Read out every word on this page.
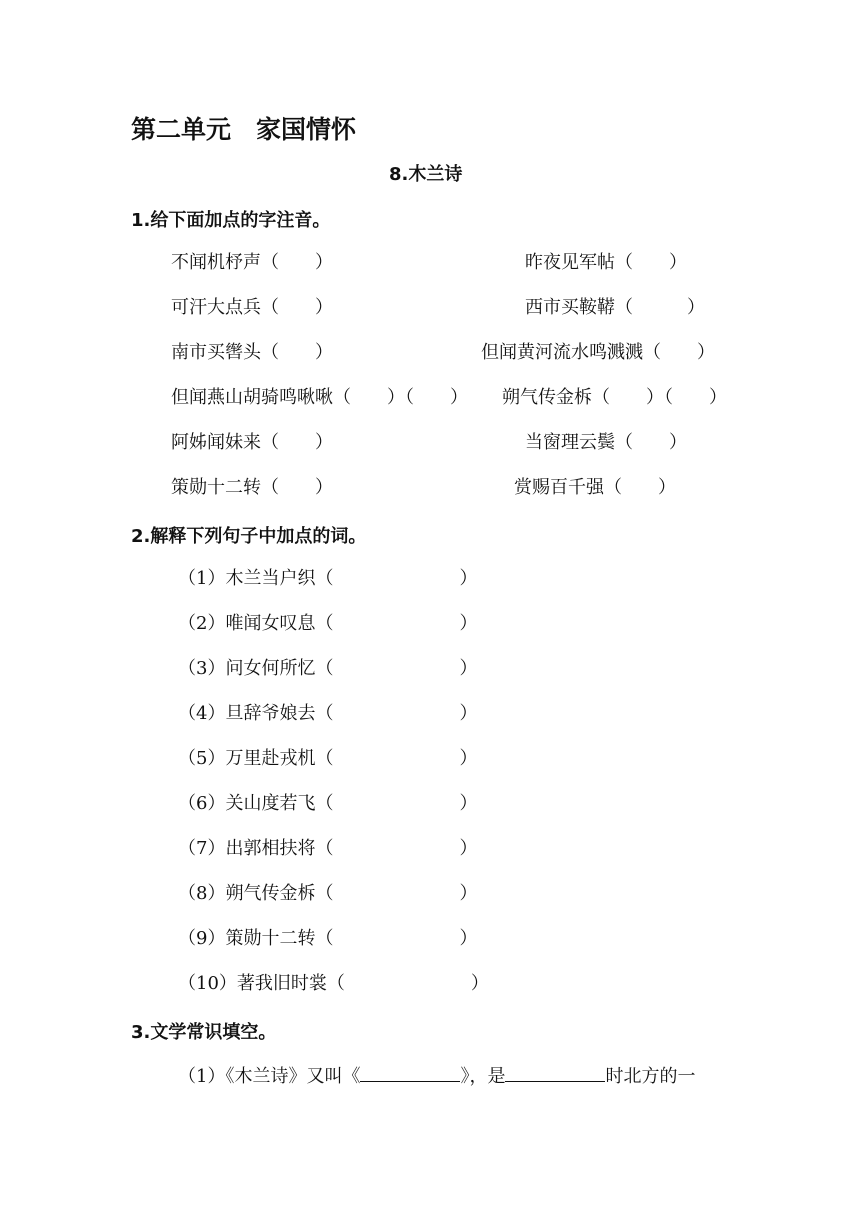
第二单元　家国情怀
8.木兰诗
1.给下面加点的字注音。
不闻机杼声（　　）	昨夜见军帖（　　）
可汗大点兵（　　）	西市买鞍鞯（　　　）
南市买辔头（　　）	但闻黄河流水鸣溅溅（　　）
但闻燕山胡骑鸣啾啾（　　）（　　） 朔气传金柝（　　）（　　）
阿姊闻妹来（　　）	当窗理云鬓（　　）
策勋十二转（　　）	赏赐百千强（　　）
2.解释下列句子中加点的词。
（1）木兰当户织（　　　　　　　）
（2）唯闻女叹息（　　　　　　　）
（3）问女何所忆（　　　　　　　）
（4）旦辞爷娘去（　　　　　　　）
（5）万里赴戎机（　　　　　　　）
（6）关山度若飞（　　　　　　　）
（7）出郭相扶将（　　　　　　　）
（8）朔气传金柝（　　　　　　　）
（9）策勋十二转（　　　　　　　）
（10）著我旧时裳（　　　　　　　）
3.文学常识填空。
（1）《木兰诗》又叫《	》，是	时北方的一
